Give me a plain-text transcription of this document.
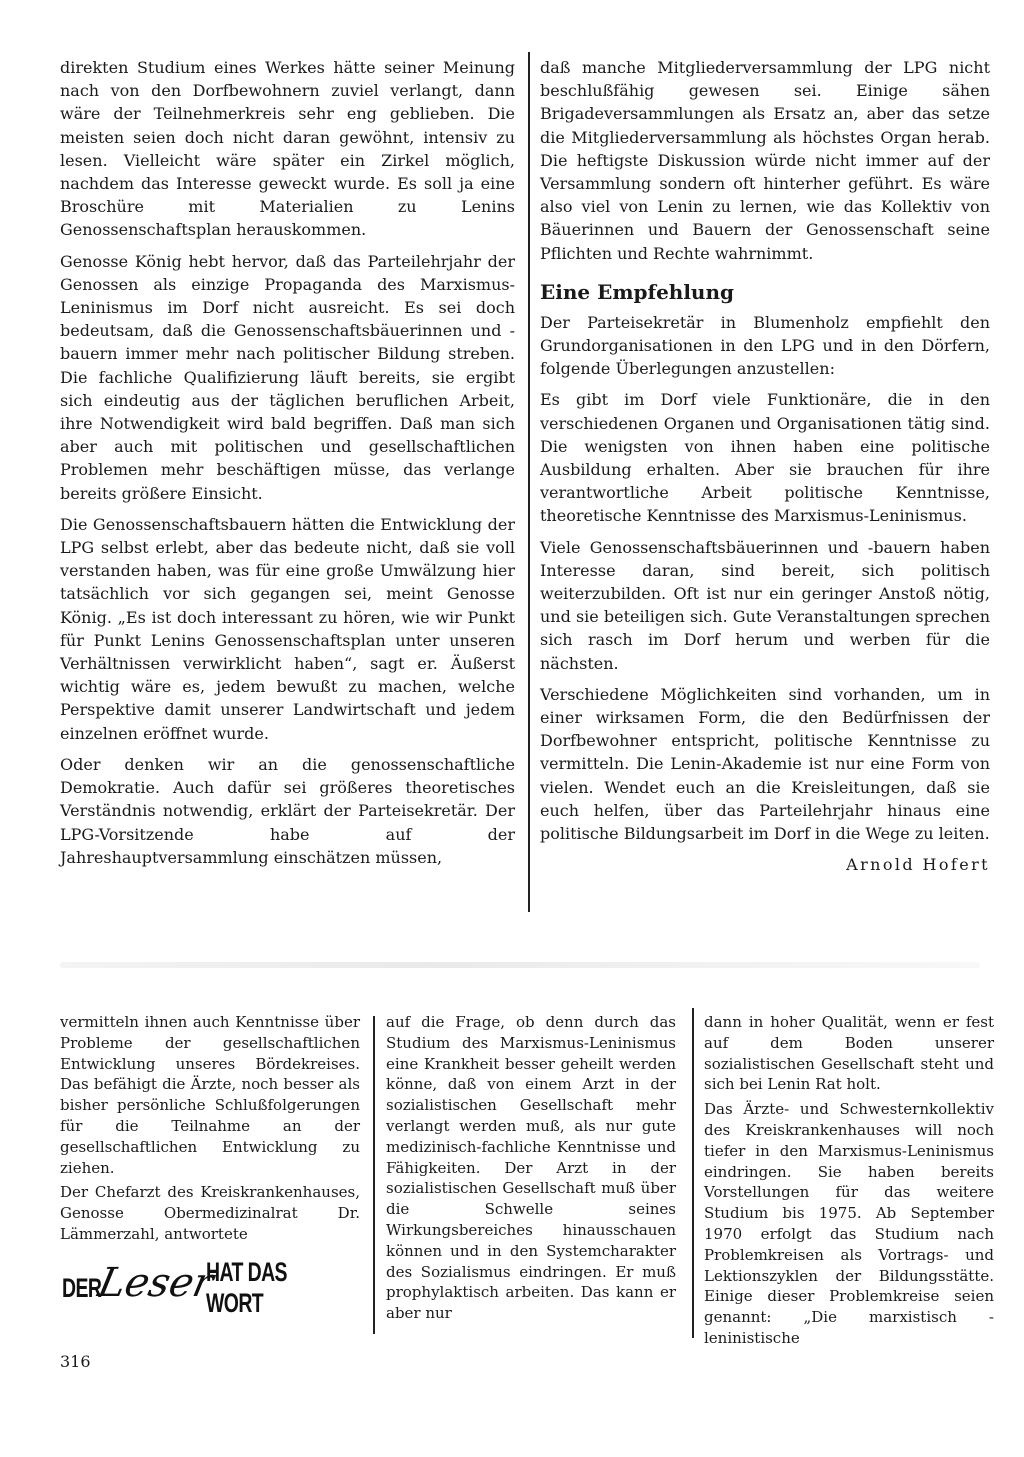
direkten Studium eines Werkes hätte seiner Meinung nach von den Dorfbewohnern zuviel verlangt, dann wäre der Teilnehmerkreis sehr eng geblieben. Die meisten seien doch nicht daran gewöhnt, intensiv zu lesen. Vielleicht wäre später ein Zirkel möglich, nachdem das Interesse geweckt wurde. Es soll ja eine Broschüre mit Materialien zu Lenins Genossenschaftsplan herauskommen.

Genosse König hebt hervor, daß das Parteilehrjahr der Genossen als einzige Propaganda des Marxismus-Leninismus im Dorf nicht ausreicht. Es sei doch bedeutsam, daß die Genossenschaftsbäuerinnen und -bauern immer mehr nach politischer Bildung streben. Die fachliche Qualifizierung läuft bereits, sie ergibt sich eindeutig aus der täglichen beruflichen Arbeit, ihre Notwendigkeit wird bald begriffen. Daß man sich aber auch mit politischen und gesellschaftlichen Problemen mehr beschäftigen müsse, das verlange bereits größere Einsicht.

Die Genossenschaftsbauern hätten die Entwicklung der LPG selbst erlebt, aber das bedeute nicht, daß sie voll verstanden haben, was für eine große Umwälzung hier tatsächlich vor sich gegangen sei, meint Genosse König. „Es ist doch interessant zu hören, wie wir Punkt für Punkt Lenins Genossenschaftsplan unter unseren Verhältnissen verwirklicht haben“, sagt er. Äußerst wichtig wäre es, jedem bewußt zu machen, welche Perspektive damit unserer Landwirtschaft und jedem einzelnen eröffnet wurde.

Oder denken wir an die genossenschaftliche Demokratie. Auch dafür sei größeres theoretisches Verständnis notwendig, erklärt der Parteisekretär. Der LPG-Vorsitzende habe auf der Jahreshauptversammlung einschätzen müssen,

daß manche Mitgliederversammlung der LPG nicht beschlußfähig gewesen sei. Einige sähen Brigadeversammlungen als Ersatz an, aber das setze die Mitgliederversammlung als höchstes Organ herab. Die heftigste Diskussion würde nicht immer auf der Versammlung sondern oft hinterher geführt. Es wäre also viel von Lenin zu lernen, wie das Kollektiv von Bäuerinnen und Bauern der Genossenschaft seine Pflichten und Rechte wahrnimmt.

Eine Empfehlung

Der Parteisekretär in Blumenholz empfiehlt den Grundorganisationen in den LPG und in den Dörfern, folgende Überlegungen anzustellen:

Es gibt im Dorf viele Funktionäre, die in den verschiedenen Organen und Organisationen tätig sind. Die wenigsten von ihnen haben eine politische Ausbildung erhalten. Aber sie brauchen für ihre verantwortliche Arbeit politische Kenntnisse, theoretische Kenntnisse des Marxismus-Leninismus.

Viele Genossenschaftsbäuerinnen und -bauern haben Interesse daran, sind bereit, sich politisch weiterzubilden. Oft ist nur ein geringer Anstoß nötig, und sie beteiligen sich. Gute Veranstaltungen sprechen sich rasch im Dorf herum und werben für die nächsten.

Verschiedene Möglichkeiten sind vorhanden, um in einer wirksamen Form, die den Bedürfnissen der Dorfbewohner entspricht, politische Kenntnisse zu vermitteln. Die Lenin-Akademie ist nur eine Form von vielen. Wendet euch an die Kreisleitungen, daß sie euch helfen, über das Parteilehrjahr hinaus eine politische Bildungsarbeit im Dorf in die Wege zu leiten.

Arnold Hofert

vermitteln ihnen auch Kenntnisse über Probleme der gesellschaftlichen Entwicklung unseres Bördekreises. Das befähigt die Ärzte, noch besser als bisher persönliche Schlußfolgerungen für die Teilnahme an der gesellschaftlichen Entwicklung zu ziehen.

Der Chefarzt des Kreiskrankenhauses, Genosse Obermedizinalrat Dr. Lämmerzahl, antwortete

auf die Frage, ob denn durch das Studium des Marxismus-Leninismus eine Krankheit besser geheilt werden könne, daß von einem Arzt in der sozialistischen Gesellschaft mehr verlangt werden muß, als nur gute medizinisch-fachliche Kenntnisse und Fähigkeiten. Der Arzt in der sozialistischen Gesellschaft muß über die Schwelle seines Wirkungsbereiches hinausschauen können und in den Systemcharakter des Sozialismus eindringen. Er muß prophylaktisch arbeiten. Das kann er aber nur

dann in hoher Qualität, wenn er fest auf dem Boden unserer sozialistischen Gesellschaft steht und sich bei Lenin Rat holt.

Das Ärzte- und Schwesternkollektiv des Kreiskrankenhauses will noch tiefer in den Marxismus-Leninismus eindringen. Sie haben bereits Vorstellungen für das weitere Studium bis 1975. Ab September 1970 erfolgt das Studium nach Problemkreisen als Vortrags- und Lektionszyklen der Bildungsstätte. Einige dieser Problemkreise seien genannt: „Die marxistisch - leninistische

DER
Leser
HAT DAS WORT
316
